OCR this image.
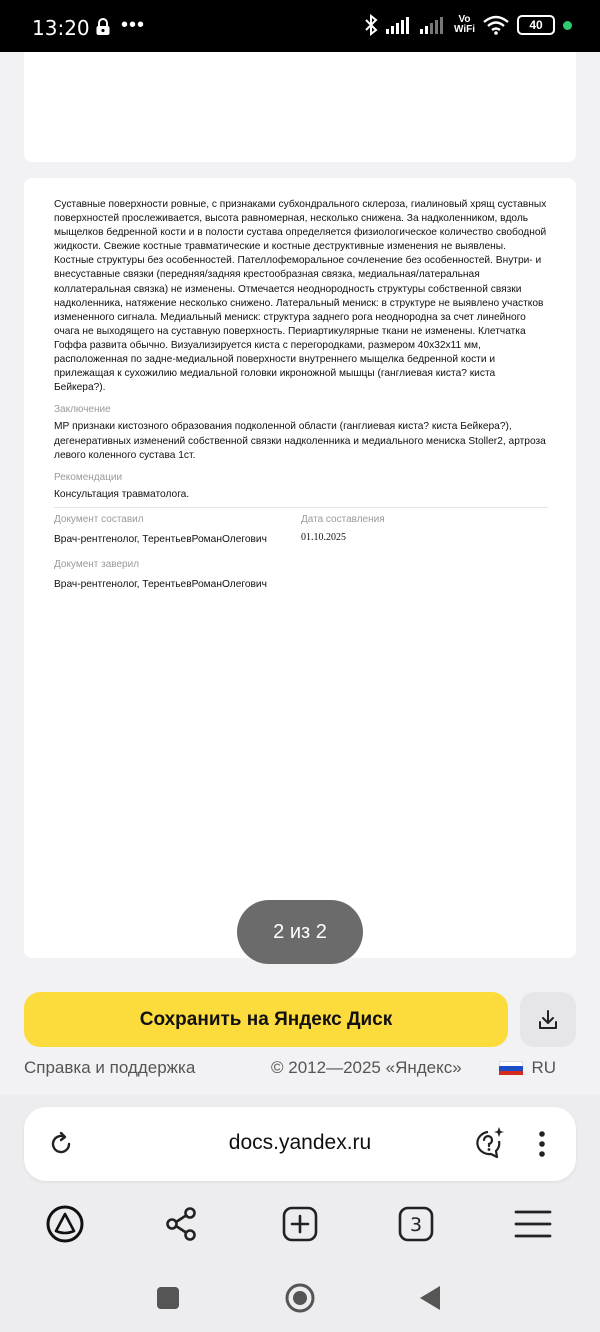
13:20 •••	Vo
WiFi	40

Суставные поверхности ровные, с признаками субхондрального склероза, гиалиновый хрящ суставных поверхностей прослеживается, высота равномерная, несколько снижена. За надколенником, вдоль мыщелков бедренной кости и в полости сустава определяется физиологическое количество свободной жидкости. Свежие костные травматические и костные деструктивные изменения не выявлены. Костные структуры без особенностей. Пателлофеморальное сочленение без особенностей. Внутри- и внесуставные связки (передняя/задняя крестообразная связка, медиальная/латеральная коллатеральная связка) не изменены. Отмечается неоднородность структуры собственной связки надколенника, натяжение несколько снижено. Латеральный мениск: в структуре не выявлено участков измененного сигнала. Медиальный мениск: структура заднего рога неоднородна за счет линейного очага не выходящего на суставную поверхность. Периартикулярные ткани не изменены. Клетчатка Гоффа развита обычно. Визуализируется киста с перегородками, размером 40х32х11 мм, расположенная по задне-медиальной поверхности внутреннего мыщелка бедренной кости и прилежащая к сухожилию медиальной головки икроножной мышцы (ганглиевая киста? киста Бейкера?).

Заключение

МР признаки кистозного образования подколенной области (ганглиевая киста? киста Бейкера?), дегенеративных изменений собственной связки надколенника и медиального мениска Stoller2, артроза левого коленного сустава 1ст.

Рекомендации

Консультация травматолога.

Документ составил
Врач-рентгенолог, ТерентьевРоманОлегович
Дата составления
01.10.2025
Документ заверил
Врач-рентгенолог, ТерентьевРоманОлегович
2 из 2
Сохранить на Яндекс Диск
Справка и поддержка	© 2012—2025 «Яндекс»	RU
docs.yandex.ru
3
